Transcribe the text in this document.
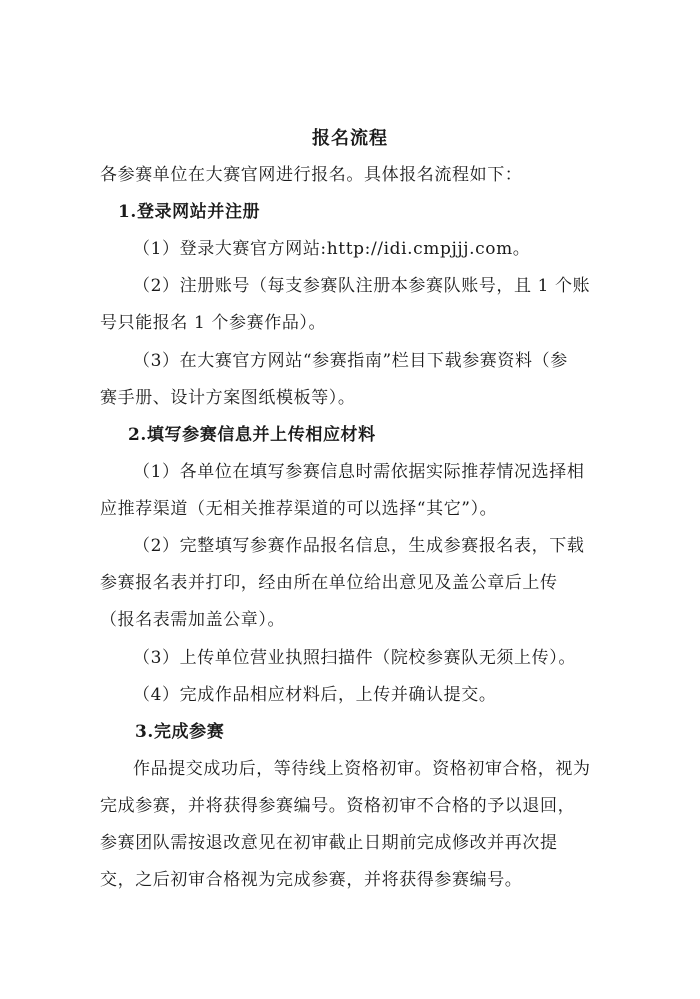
报名流程
各参赛单位在大赛官网进行报名。具体报名流程如下：
1.登录网站并注册
（1）登录大赛官方网站:http://idi.cmpjjj.com。
（2）注册账号（每支参赛队注册本参赛队账号，且 1 个账
号只能报名 1 个参赛作品）。
（3）在大赛官方网站“参赛指南”栏目下载参赛资料（参
赛手册、设计方案图纸模板等）。
2.填写参赛信息并上传相应材料
（1）各单位在填写参赛信息时需依据实际推荐情况选择相
应推荐渠道（无相关推荐渠道的可以选择“其它”）。
（2）完整填写参赛作品报名信息，生成参赛报名表，下载
参赛报名表并打印，经由所在单位给出意见及盖公章后上传
（报名表需加盖公章）。
（3）上传单位营业执照扫描件（院校参赛队无须上传）。
（4）完成作品相应材料后，上传并确认提交。
3.完成参赛
作品提交成功后，等待线上资格初审。资格初审合格，视为
完成参赛，并将获得参赛编号。资格初审不合格的予以退回，
参赛团队需按退改意见在初审截止日期前完成修改并再次提
交，之后初审合格视为完成参赛，并将获得参赛编号。
